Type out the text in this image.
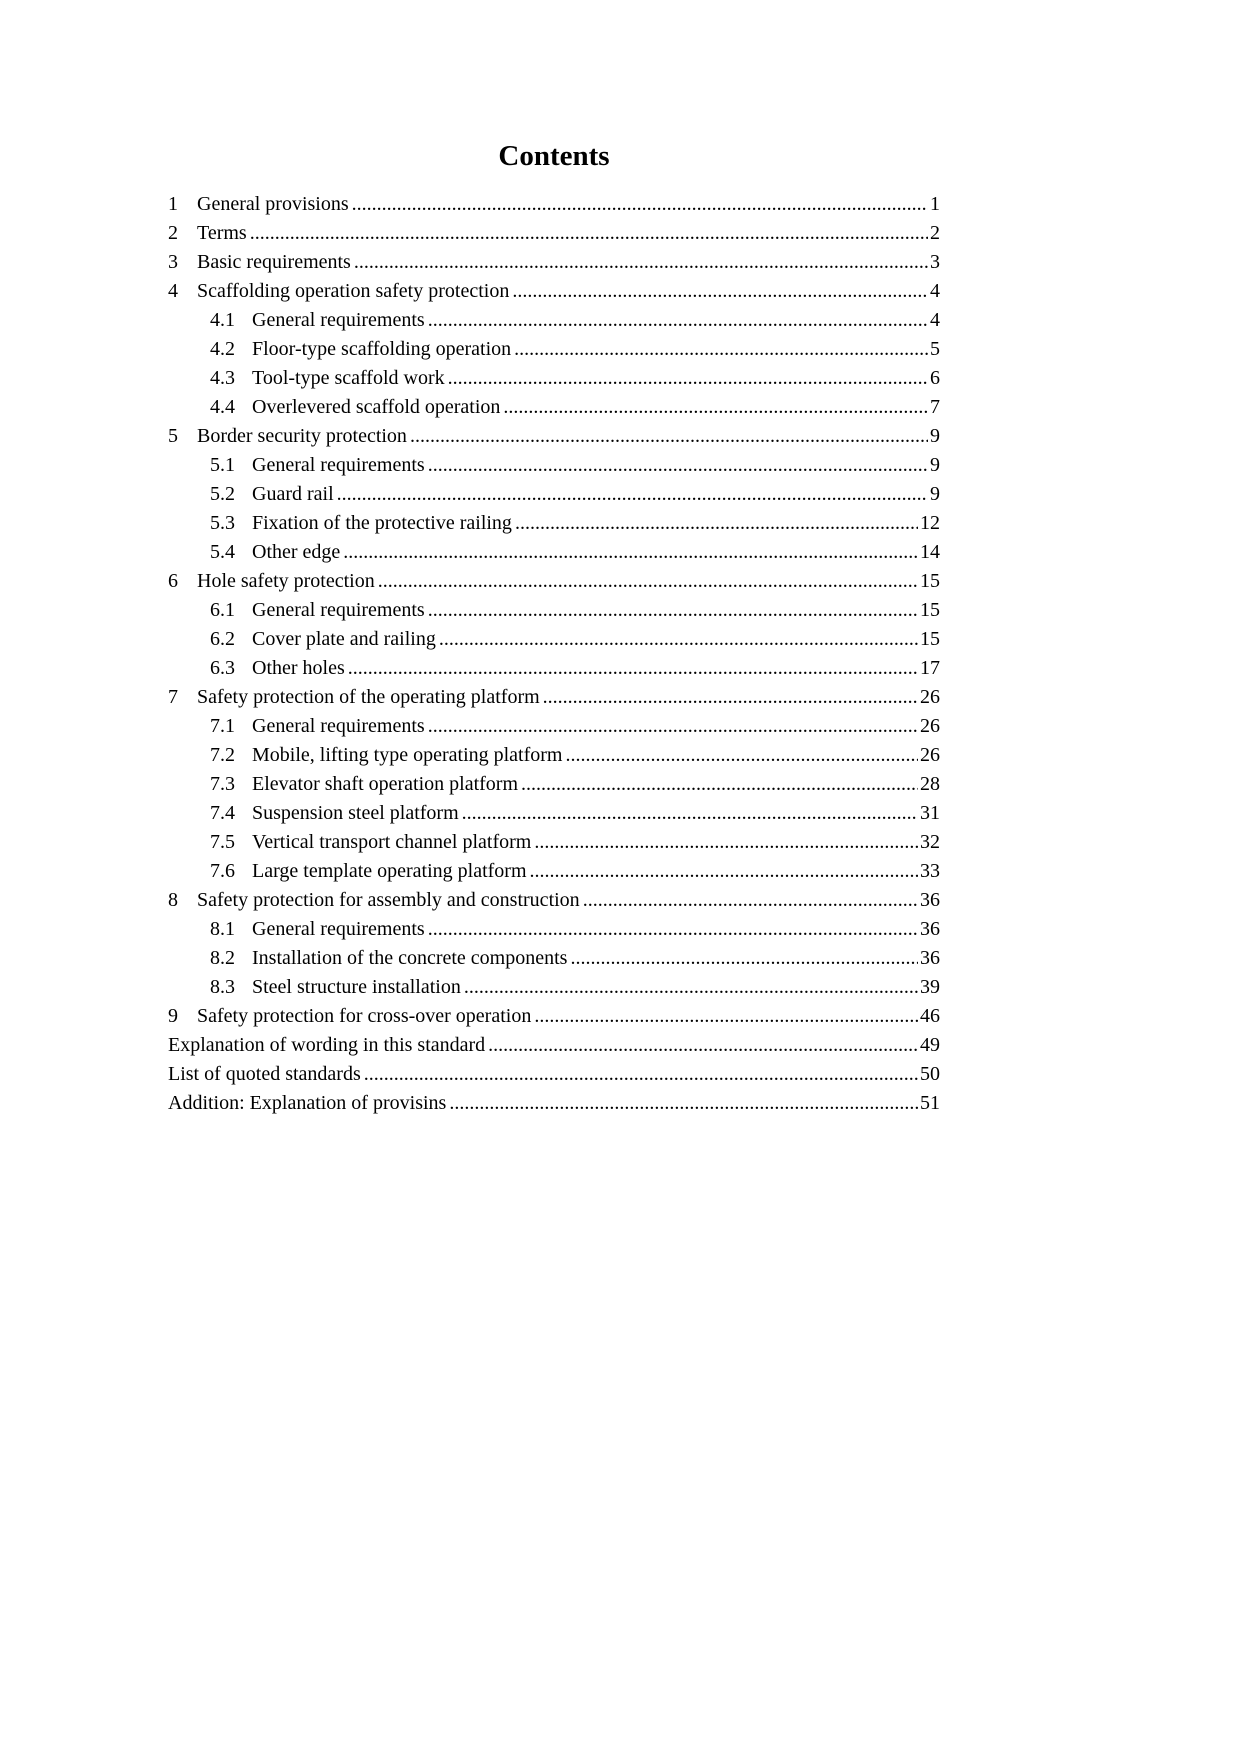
Contents
1 General provisions .....	1
2 Terms .....	2
3 Basic requirements .....	3
4 Scaffolding operation safety protection .....	4
4.1 General requirements .....	4
4.2 Floor-type scaffolding operation .....	5
4.3 Tool-type scaffold work .....	6
4.4 Overlevered scaffold operation .....	7
5 Border security protection .....	9
5.1 General requirements .....	9
5.2 Guard rail .....	9
5.3 Fixation of the protective railing .....	12
5.4 Other edge .....	14
6 Hole safety protection .....	15
6.1 General requirements .....	15
6.2 Cover plate and railing .....	15
6.3 Other holes .....	17
7 Safety protection of the operating platform .....	26
7.1 General requirements .....	26
7.2 Mobile, lifting type operating platform .....	26
7.3 Elevator shaft operation platform .....	28
7.4 Suspension steel platform .....	31
7.5 Vertical transport channel platform .....	32
7.6 Large template operating platform .....	33
8 Safety protection for assembly and construction .....	36
8.1 General requirements .....	36
8.2 Installation of the concrete components .....	36
8.3 Steel structure installation .....	39
9 Safety protection for cross-over operation .....	46
Explanation of wording in this standard .....	49
List of quoted standards .....	50
Addition: Explanation of provisins .....	51
